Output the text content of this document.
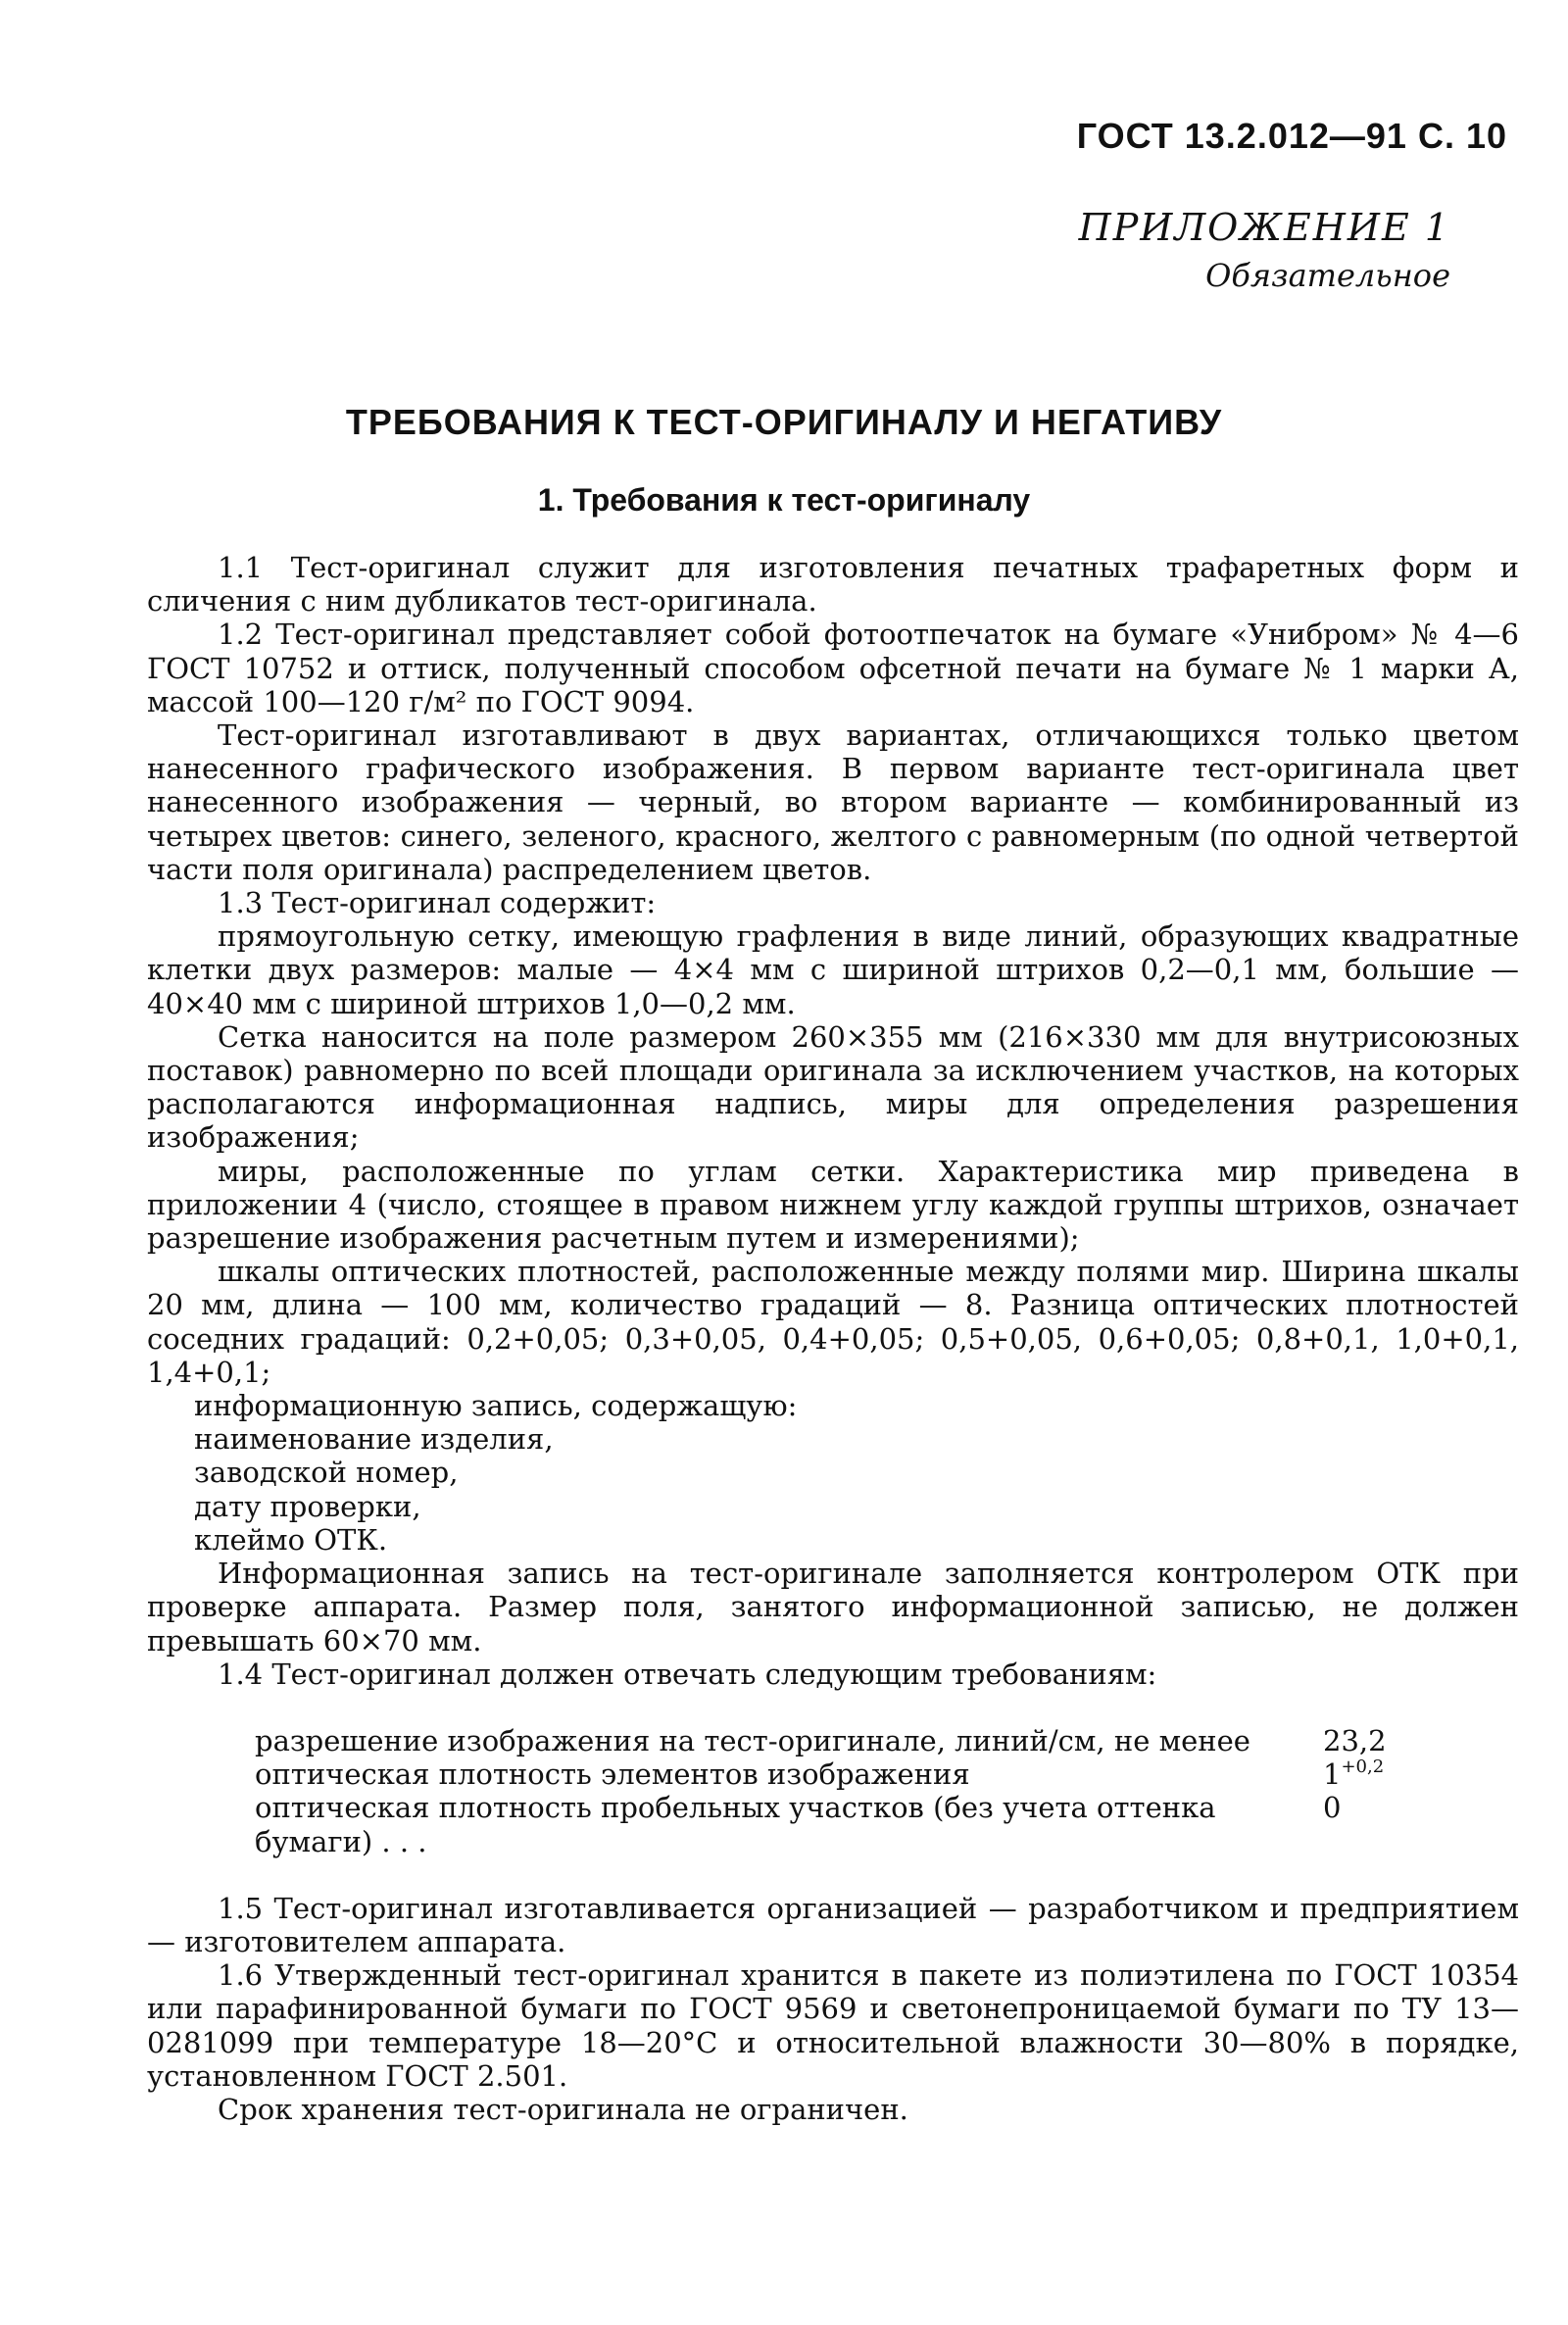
ГОСТ 13.2.012—91 С. 10
ПРИЛОЖЕНИЕ 1
Обязательное
ТРЕБОВАНИЯ К ТЕСТ-ОРИГИНАЛУ И НЕГАТИВУ
1. Требования к тест-оригиналу

1.1 Тест-оригинал служит для изготовления печатных трафаретных форм и сличения с ним дубликатов тест-оригинала.

1.2 Тест-оригинал представляет собой фотоотпечаток на бумаге «Унибром» № 4—6 ГОСТ 10752 и оттиск, полученный способом офсетной печати на бумаге № 1 марки А, массой 100—120 г/м² по ГОСТ 9094.

Тест-оригинал изготавливают в двух вариантах, отличающихся только цветом нанесенного графического изображения. В первом варианте тест-оригинала цвет нанесенного изображения — черный, во втором варианте — комбинированный из четырех цветов: синего, зеленого, красного, желтого с равномерным (по одной четвертой части поля оригинала) распределением цветов.

1.3 Тест-оригинал содержит:

прямоугольную сетку, имеющую графления в виде линий, образующих квадратные клетки двух размеров: малые — 4×4 мм с шириной штрихов 0,2—0,1 мм, большие — 40×40 мм с шириной штрихов 1,0—0,2 мм.

Сетка наносится на поле размером 260×355 мм (216×330 мм для внутрисоюзных поставок) равномерно по всей площади оригинала за исключением участков, на которых располагаются информационная надпись, миры для определения разрешения изображения;

миры, расположенные по углам сетки. Характеристика мир приведена в приложении 4 (число, стоящее в правом нижнем углу каждой группы штрихов, означает разрешение изображения расчетным путем и измерениями);

шкалы оптических плотностей, расположенные между полями мир. Ширина шкалы 20 мм, длина — 100 мм, количество градаций — 8. Разница оптических плотностей соседних градаций: 0,2+0,05; 0,3+0,05, 0,4+0,05; 0,5+0,05, 0,6+0,05; 0,8+0,1, 1,0+0,1, 1,4+0,1;

информационную запись, содержащую:

наименование изделия,

заводской номер,

дату проверки,

клеймо ОТК.

Информационная запись на тест-оригинале заполняется контролером ОТК при проверке аппарата. Размер поля, занятого информационной записью, не должен превышать 60×70 мм.

1.4 Тест-оригинал должен отвечать следующим требованиям:

разрешение изображения на тест-оригинале, линий/см, не менее	23,2
оптическая плотность элементов изображения	$1^{+0,2}$
оптическая плотность пробельных участков (без учета оттенка бумаги) . . .
0

1.5 Тест-оригинал изготавливается организацией — разработчиком и предприятием — изготовителем аппарата.

1.6 Утвержденный тест-оригинал хранится в пакете из полиэтилена по ГОСТ 10354 или парафинированной бумаги по ГОСТ 9569 и светонепроницаемой бумаги по ТУ 13—0281099 при температуре 18—20°С и относительной влажности 30—80% в порядке, установленном ГОСТ 2.501.

Срок хранения тест-оригинала не ограничен.
